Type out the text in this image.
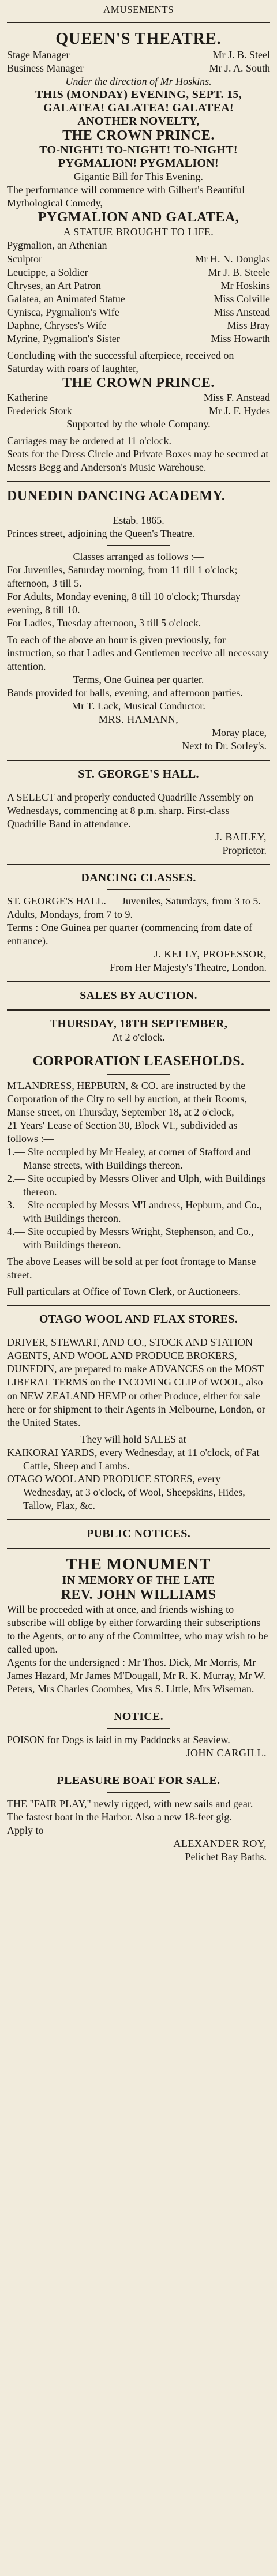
AMUSEMENTS
QUEEN'S THEATRE.
Stage Manager	Mr J. B. Steel
Business Manager	Mr J. A. South
Under the direction of Mr Hoskins.
THIS (MONDAY) EVENING, SEPT. 15,
GALATEA! GALATEA! GALATEA!
ANOTHER NOVELTY,
THE CROWN PRINCE.
TO-NIGHT! TO-NIGHT! TO-NIGHT!
PYGMALION! PYGMALION!
Gigantic Bill for This Evening.
The performance will commence with Gilbert's Beautiful Mythological Comedy,
PYGMALION AND GALATEA,
A STATUE BROUGHT TO LIFE.
Pygmalion, an Athenian
Sculptor	Mr H. N. Douglas
Leucippe, a Soldier	Mr J. B. Steele
Chryses, an Art Patron	Mr Hoskins
Galatea, an Animated Statue	Miss Colville
Cynisca, Pygmalion's Wife	Miss Anstead
Daphne, Chryses's Wife	Miss Bray
Myrine, Pygmalion's Sister	Miss Howarth
Concluding with the successful afterpiece, received on Saturday with roars of laughter,
THE CROWN PRINCE.
Katherine	Miss F. Anstead
Frederick Stork	Mr J. F. Hydes
Supported by the whole Company.
Carriages may be ordered at 11 o'clock.
Seats for the Dress Circle and Private Boxes may be secured at Messrs Begg and Anderson's Music Warehouse.
DUNEDIN DANCING ACADEMY.
Estab. 1865.
Princes street, adjoining the Queen's Theatre.
Classes arranged as follows :—
For Juveniles, Saturday morning, from 11 till 1 o'clock; afternoon, 3 till 5.
For Adults, Monday evening, 8 till 10 o'clock; Thursday evening, 8 till 10.
For Ladies, Tuesday afternoon, 3 till 5 o'clock.
To each of the above an hour is given previously, for instruction, so that Ladies and Gentlemen receive all necessary attention.
Terms, One Guinea per quarter.
Bands provided for balls, evening, and afternoon parties.
Mr T. Lack, Musical Conductor.
MRS. HAMANN,
Moray place,
Next to Dr. Sorley's.
ST. GEORGE'S HALL.
A SELECT and properly conducted Quadrille Assembly on Wednesdays, commencing at 8 p.m. sharp. First-class Quadrille Band in attendance.
J. BAILEY,
Proprietor.
DANCING CLASSES.
ST. GEORGE'S HALL. — Juveniles, Saturdays, from 3 to 5. Adults, Mondays, from 7 to 9.
Terms : One Guinea per quarter (commencing from date of entrance).
J. KELLY, PROFESSOR,
From Her Majesty's Theatre, London.
SALES BY AUCTION.
THURSDAY, 18TH SEPTEMBER,
At 2 o'clock.
CORPORATION LEASEHOLDS.
M'LANDRESS, HEPBURN, & CO. are instructed by the Corporation of the City to sell by auction, at their Rooms, Manse street, on Thursday, September 18, at 2 o'clock,
21 Years' Lease of Section 30, Block VI., subdivided as follows :—
1.— Site occupied by Mr Healey, at corner of Stafford and Manse streets, with Buildings thereon.
2.— Site occupied by Messrs Oliver and Ulph, with Buildings thereon.
3.— Site occupied by Messrs M'Landress, Hepburn, and Co., with Buildings thereon.
4.— Site occupied by Messrs Wright, Stephenson, and Co., with Buildings thereon.
The above Leases will be sold at per foot frontage to Manse street.
Full particulars at Office of Town Clerk, or Auctioneers.
OTAGO WOOL AND FLAX STORES.
DRIVER, STEWART, AND CO., STOCK AND STATION AGENTS, AND WOOL AND PRODUCE BROKERS, DUNEDIN, are prepared to make ADVANCES on the MOST LIBERAL TERMS on the INCOMING CLIP of WOOL, also on NEW ZEALAND HEMP or other Produce, either for sale here or for shipment to their Agents in Melbourne, London, or the United States.
They will hold SALES at—
KAIKORAI YARDS, every Wednesday, at 11 o'clock, of Fat Cattle, Sheep and Lambs.
OTAGO WOOL AND PRODUCE STORES, every Wednesday, at 3 o'clock, of Wool, Sheepskins, Hides, Tallow, Flax, &c.
PUBLIC NOTICES.
THE MONUMENT
IN MEMORY OF THE LATE
REV. JOHN WILLIAMS
Will be proceeded with at once, and friends wishing to subscribe will oblige by either forwarding their subscriptions to the Agents, or to any of the Committee, who may wish to be called upon.
Agents for the undersigned : Mr Thos. Dick, Mr Morris, Mr James Hazard, Mr James M'Dougall, Mr R. K. Murray, Mr W. Peters, Mrs Charles Coombes, Mrs S. Little, Mrs Wiseman.
NOTICE.
POISON for Dogs is laid in my Paddocks at Seaview.
JOHN CARGILL.
PLEASURE BOAT FOR SALE.
THE "FAIR PLAY," newly rigged, with new sails and gear. The fastest boat in the Harbor. Also a new 18-feet gig.
Apply to
ALEXANDER ROY,
Pelichet Bay Baths.
